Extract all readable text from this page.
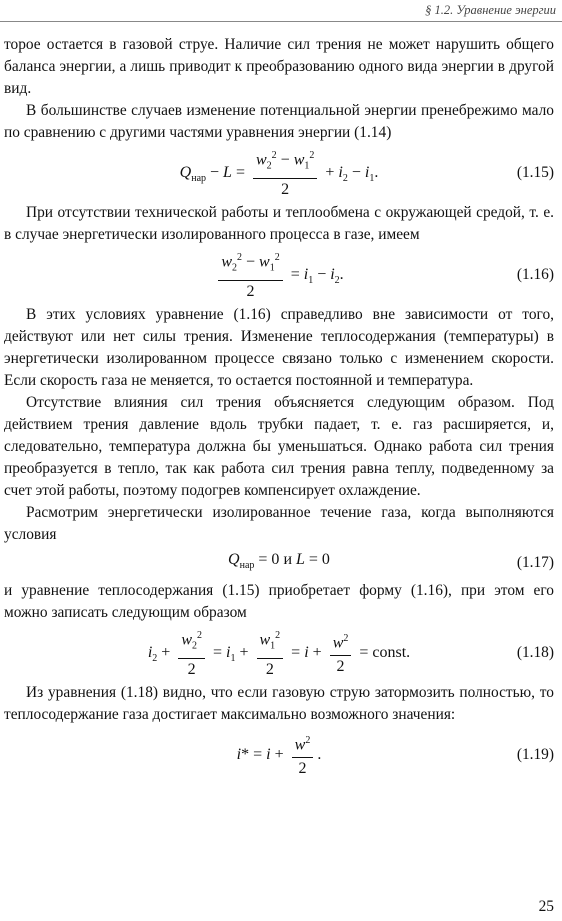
§ 1.2. Уравнение энергии

торое остается в газовой струе. Наличие сил трения не может нарушить общего баланса энергии, а лишь приводит к преобразованию одного вида энергии в другой вид.

В большинстве случаев изменение потенциальной энергии пренебрежимо мало по сравнению с другими частями уравнения энергии (1.14)

$Q_{нар} - L = \frac{w_2^2 - w_1^2}{2} + i_2 - i_1$.	(1.15)

При отсутствии технической работы и теплообмена с окружающей средой, т. е. в случае энергетически изолированного процесса в газе, имеем

$\frac{w_2^2 - w_1^2}{2} = i_1 - i_2$.	(1.16)

В этих условиях уравнение (1.16) справедливо вне зависимости от того, действуют или нет силы трения. Изменение теплосодержания (температуры) в энергетически изолированном процессе связано только с изменением скорости. Если скорость газа не меняется, то остается постоянной и температура.

Отсутствие влияния сил трения объясняется следующим образом. Под действием трения давление вдоль трубки падает, т. е. газ расширяется, и, следовательно, температура должна бы уменьшаться. Однако работа сил трения преобразуется в тепло, так как работа сил трения равна теплу, подведенному за счет этой работы, поэтому подогрев компенсирует охлаждение.

Расмотрим энергетически изолированное течение газа, когда выполняются условия

$Q_{нар} = 0$ и L = 0	(1.17)

и уравнение теплосодержания (1.15) приобретает форму (1.16), при этом его можно записать следующим образом

$i_2 + \frac{w_2^2}{2} = i_1 + \frac{w_1^2}{2} = i + \frac{w^2}{2}$ = const.	(1.18)

Из уравнения (1.18) видно, что если газовую струю затормозить полностью, то теплосодержание газа достигает максимально возможного значения:

$i* = i + \frac{w^2}{2}$ .	(1.19)
25
